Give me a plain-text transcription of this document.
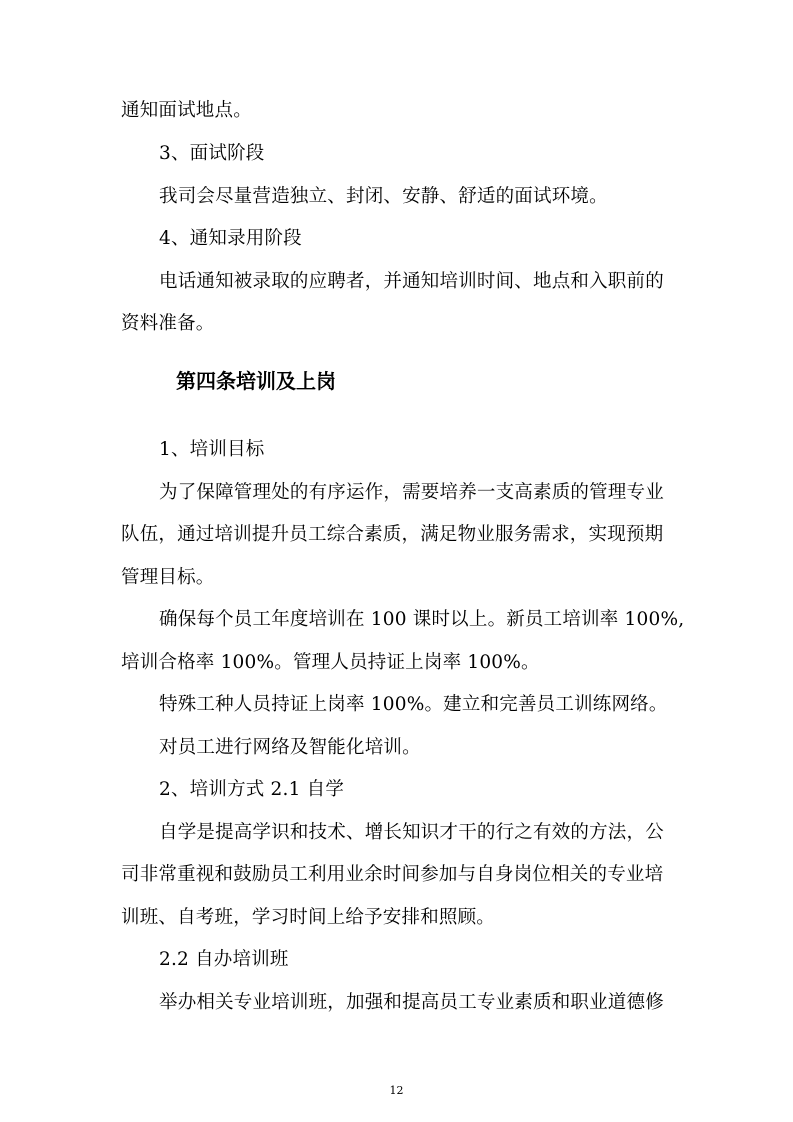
通知面试地点。
3、面试阶段
我司会尽量营造独立、封闭、安静、舒适的面试环境。
4、通知录用阶段
电话通知被录取的应聘者，并通知培训时间、地点和入职前的
资料准备。
第四条培训及上岗
1、培训目标
为了保障管理处的有序运作，需要培养一支高素质的管理专业
队伍，通过培训提升员工综合素质，满足物业服务需求，实现预期
管理目标。
确保每个员工年度培训在 100 课时以上。新员工培训率 100%,
培训合格率 100%。管理人员持证上岗率 100%。
特殊工种人员持证上岗率 100%。建立和完善员工训练网络。
对员工进行网络及智能化培训。
2、培训方式 2.1 自学
自学是提高学识和技术、增长知识才干的行之有效的方法，公
司非常重视和鼓励员工利用业余时间参加与自身岗位相关的专业培
训班、自考班，学习时间上给予安排和照顾。
2.2 自办培训班
举办相关专业培训班，加强和提高员工专业素质和职业道德修
12
